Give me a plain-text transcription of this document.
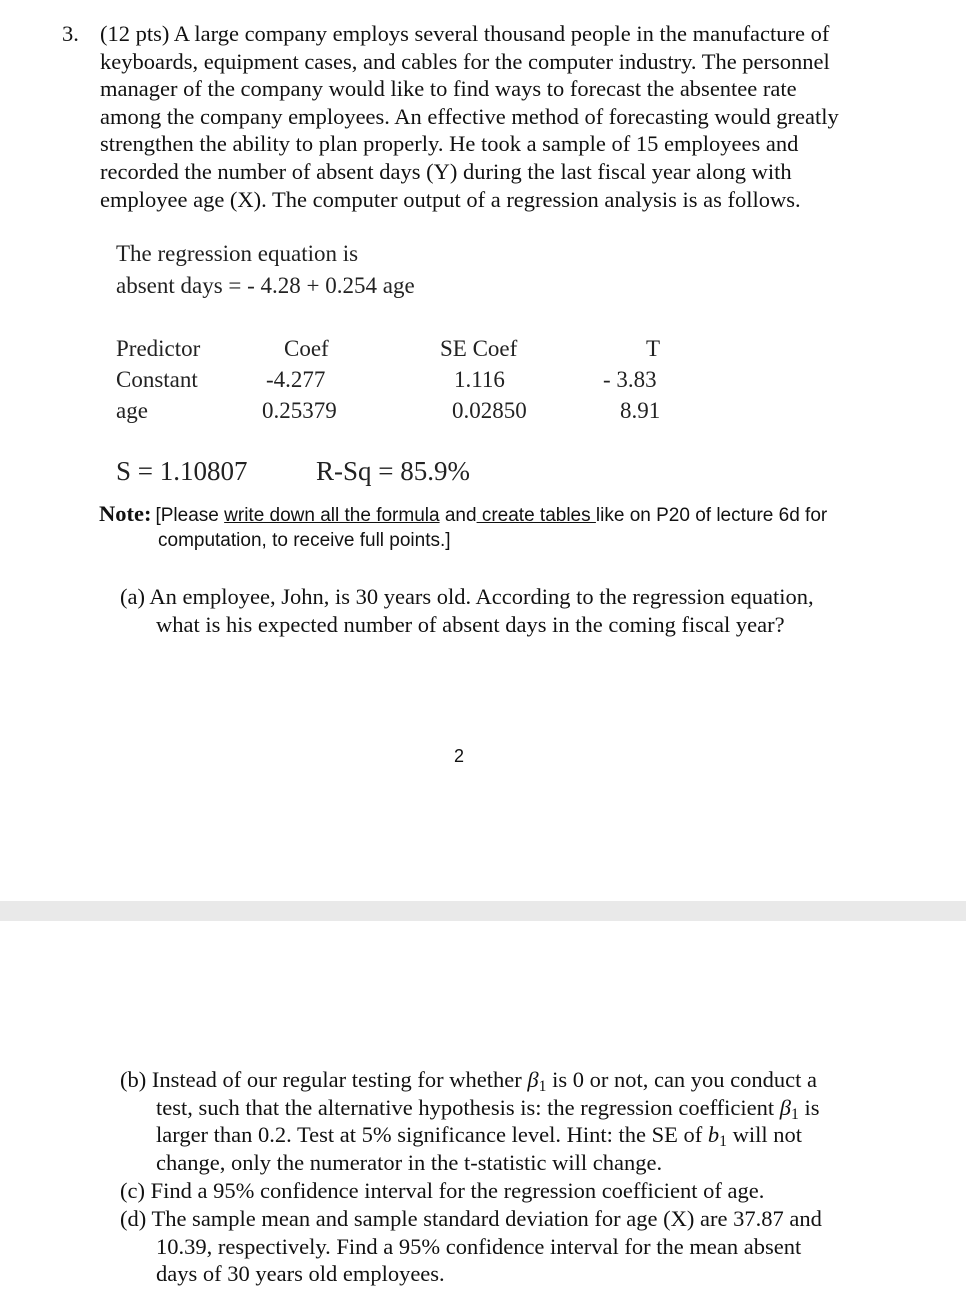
3. (12 pts) A large company employs several thousand people in the manufacture of
keyboards, equipment cases, and cables for the computer industry. The personnel
manager of the company would like to find ways to forecast the absentee rate
among the company employees. An effective method of forecasting would greatly
strengthen the ability to plan properly. He took a sample of 15 employees and
recorded the number of absent days (Y) during the last fiscal year along with
employee age (X). The computer output of a regression analysis is as follows.
The regression equation is
absent days = - 4.28 + 0.254 age
Predictor	Coef	SE Coef	T
Constant	-4.277	1.116	- 3.83
age	0.25379	0.02850	8.91
S = 1.10807	R-Sq = 85.9%
Note: [Please write down all the formula and create tables like on P20 of lecture 6d for
computation, to receive full points.]
(a) An employee, John, is 30 years old. According to the regression equation,
what is his expected number of absent days in the coming fiscal year?
2
(b) Instead of our regular testing for whether $\beta_1$ is 0 or not, can you conduct a
test, such that the alternative hypothesis is: the regression coefficient $\beta_1$ is
larger than 0.2. Test at 5% significance level. Hint: the SE of $b_1$ will not
change, only the numerator in the t-statistic will change.
(c) Find a 95% confidence interval for the regression coefficient of age.
(d) The sample mean and sample standard deviation for age (X) are 37.87 and
10.39, respectively. Find a 95% confidence interval for the mean absent
days of 30 years old employees.
